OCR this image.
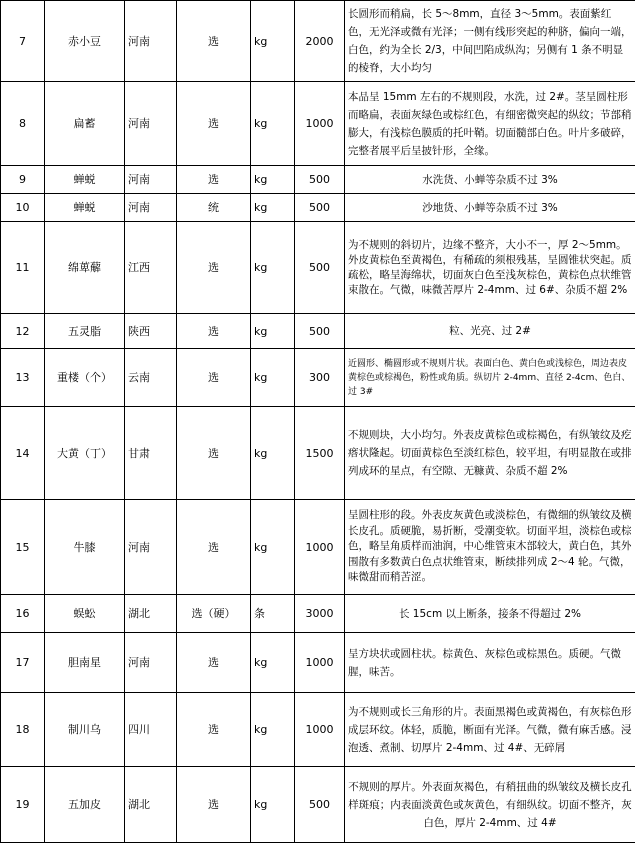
7	赤小豆	河南	选	kg	2000	长圆形而稍扁，长 5～8mm，直径 3～5mm。表面紫红色，无光泽或微有光泽；一侧有线形突起的种脐，偏向一端，白色，约为全长 2/3，中间凹陷成纵沟；另侧有 1 条不明显的棱脊，大小均匀

8	扁蓄	河南	选	kg	1000	本品呈 15mm 左右的不规则段，水洗，过 2#。茎呈圆柱形而略扁，表面灰绿色或棕红色，有细密微突起的纵纹；节部稍膨大，有浅棕色膜质的托叶鞘。切面髓部白色。叶片多破碎，完整者展平后呈披针形，全缘。

9	蝉蜕	河南	选	kg	500	水洗货、小蝉等杂质不过 3%
10	蝉蜕	河南	统	kg	500	沙地货、小蝉等杂质不过 3%
11	绵萆薢	江西	选	kg	500	为不规则的斜切片，边缘不整齐，大小不一，厚 2～5mm。外皮黄棕色至黄褐色，有稀疏的须根残基，呈圆锥状突起。质疏松，略呈海绵状，切面灰白色至浅灰棕色，黄棕色点状维管束散在。气微，味微苦厚片 2-4mm、过 6#、杂质不超 2%

12	五灵脂	陕西	选	kg	500	粒、光亮、过 2#
13	重楼（个）	云南	选	kg	300	近圆形、椭圆形或不规则片状。表面白色、黄白色或浅棕色，周边表皮黄棕色或棕褐色，粉性或角质。纵切片 2-4mm、直径 2-4cm、色白、过 3#

14	大黄（丁）	甘肃	选	kg	1500	不规则块，大小均匀。外表皮黄棕色或棕褐色，有纵皱纹及疙瘩状隆起。切面黄棕色至淡红棕色，较平坦，有明显散在或排列成环的星点，有空隙、无糠黄、杂质不超 2%

15	牛膝	河南	选	kg	1000	呈圆柱形的段。外表皮灰黄色或淡棕色，有微细的纵皱纹及横长皮孔。质硬脆，易折断，受潮变软。切面平坦，淡棕色或棕色，略呈角质样而油润，中心维管束木部较大，黄白色，其外围散有多数黄白色点状维管束，断续排列成 2～4 轮。气微，味微甜而稍苦涩。

16	蜈蚣	湖北	选（硬）	条	3000	长 15cm 以上断条，接条不得超过 2%
17	胆南星	河南	选	kg	1000	呈方块状或圆柱状。棕黄色、灰棕色或棕黑色。质硬。气微腥，味苦。
18	制川乌	四川	选	kg	1000	为不规则或长三角形的片。表面黑褐色或黄褐色，有灰棕色形成层环纹。体轻，质脆，断面有光泽。气微，微有麻舌感。浸泡透、煮制、切厚片 2-4mm、过 4#、无碎屑

19	五加皮	湖北	选	kg	500	不规则的厚片。外表面灰褐色，有稍扭曲的纵皱纹及横长皮孔样斑痕；内表面淡黄色或灰黄色，有细纵纹。切面不整齐，灰白色，厚片 2-4mm、过 4#
